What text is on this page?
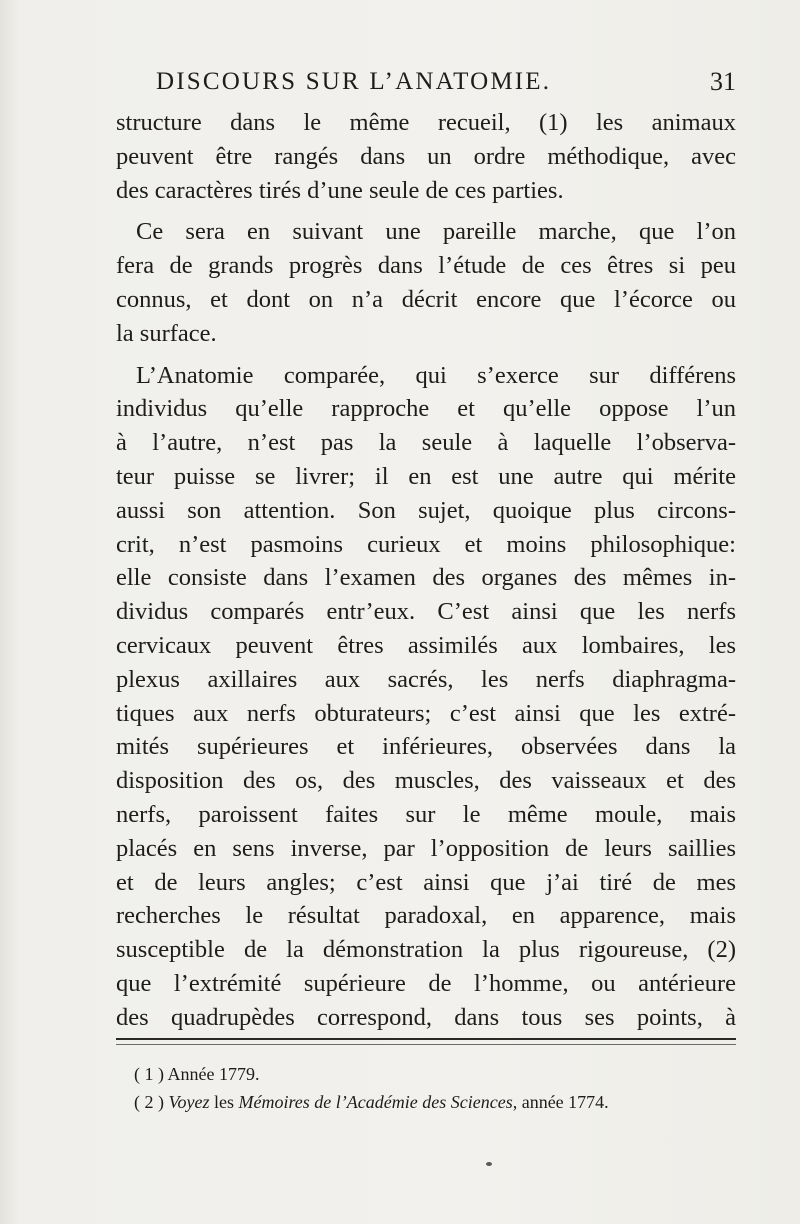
DISCOURS SUR L’ANATOMIE.	31
structure dans le même recueil, (1) les animaux
peuvent être rangés dans un ordre méthodique, avec
des caractères tirés d’une seule de ces parties.
Ce sera en suivant une pareille marche, que l’on
fera de grands progrès dans l’étude de ces êtres si peu
connus, et dont on n’a décrit encore que l’écorce ou
la surface.
L’Anatomie comparée, qui s’exerce sur différens
individus qu’elle rapproche et qu’elle oppose l’un
à l’autre, n’est pas la seule à laquelle l’observa-
teur puisse se livrer; il en est une autre qui mérite
aussi son attention. Son sujet, quoique plus circons-
crit, n’est pasmoins curieux et moins philosophique:
elle consiste dans l’examen des organes des mêmes in-
dividus comparés entr’eux. C’est ainsi que les nerfs
cervicaux peuvent êtres assimilés aux lombaires, les
plexus axillaires aux sacrés, les nerfs diaphragma-
tiques aux nerfs obturateurs; c’est ainsi que les extré-
mités supérieures et inférieures, observées dans la
disposition des os, des muscles, des vaisseaux et des
nerfs, paroissent faites sur le même moule, mais
placés en sens inverse, par l’opposition de leurs saillies
et de leurs angles; c’est ainsi que j’ai tiré de mes
recherches le résultat paradoxal, en apparence, mais
susceptible de la démonstration la plus rigoureuse, (2)
que l’extrémité supérieure de l’homme, ou antérieure
des quadrupèdes correspond, dans tous ses points, à
( 1 ) Année 1779.
( 2 ) Voyez les Mémoires de l’Académie des Sciences, année 1774.
